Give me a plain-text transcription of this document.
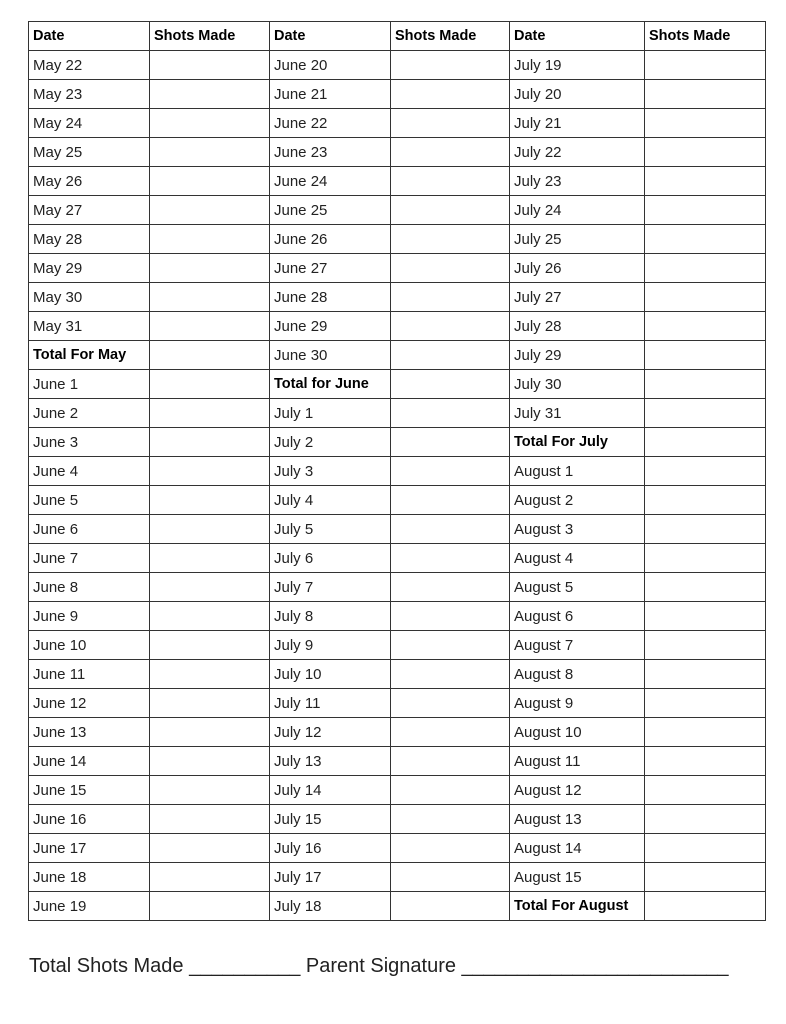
Date	Shots Made	Date	Shots Made	Date	Shots Made
May 22		June 20		July 19	
May 23		June 21		July 20	
May 24		June 22		July 21	
May 25		June 23		July 22	
May 26		June 24		July 23	
May 27		June 25		July 24	
May 28		June 26		July 25	
May 29		June 27		July 26	
May 30		June 28		July 27	
May 31		June 29		July 28	
Total For May		June 30		July 29	
June 1		Total for June		July 30	
June 2		July 1		July 31	
June 3		July 2		Total For July	
June 4		July 3		August 1	
June 5		July 4		August 2	
June 6		July 5		August 3	
June 7		July 6		August 4	
June 8		July 7		August 5	
June 9		July 8		August 6	
June 10		July 9		August 7	
June 11		July 10		August 8	
June 12		July 11		August 9	
June 13		July 12		August 10	
June 14		July 13		August 11	
June 15		July 14		August 12	
June 16		July 15		August 13	
June 17		July 16		August 14	
June 18		July 17		August 15	
June 19		July 18		Total For August	
Total Shots Made __________ Parent Signature ________________________
